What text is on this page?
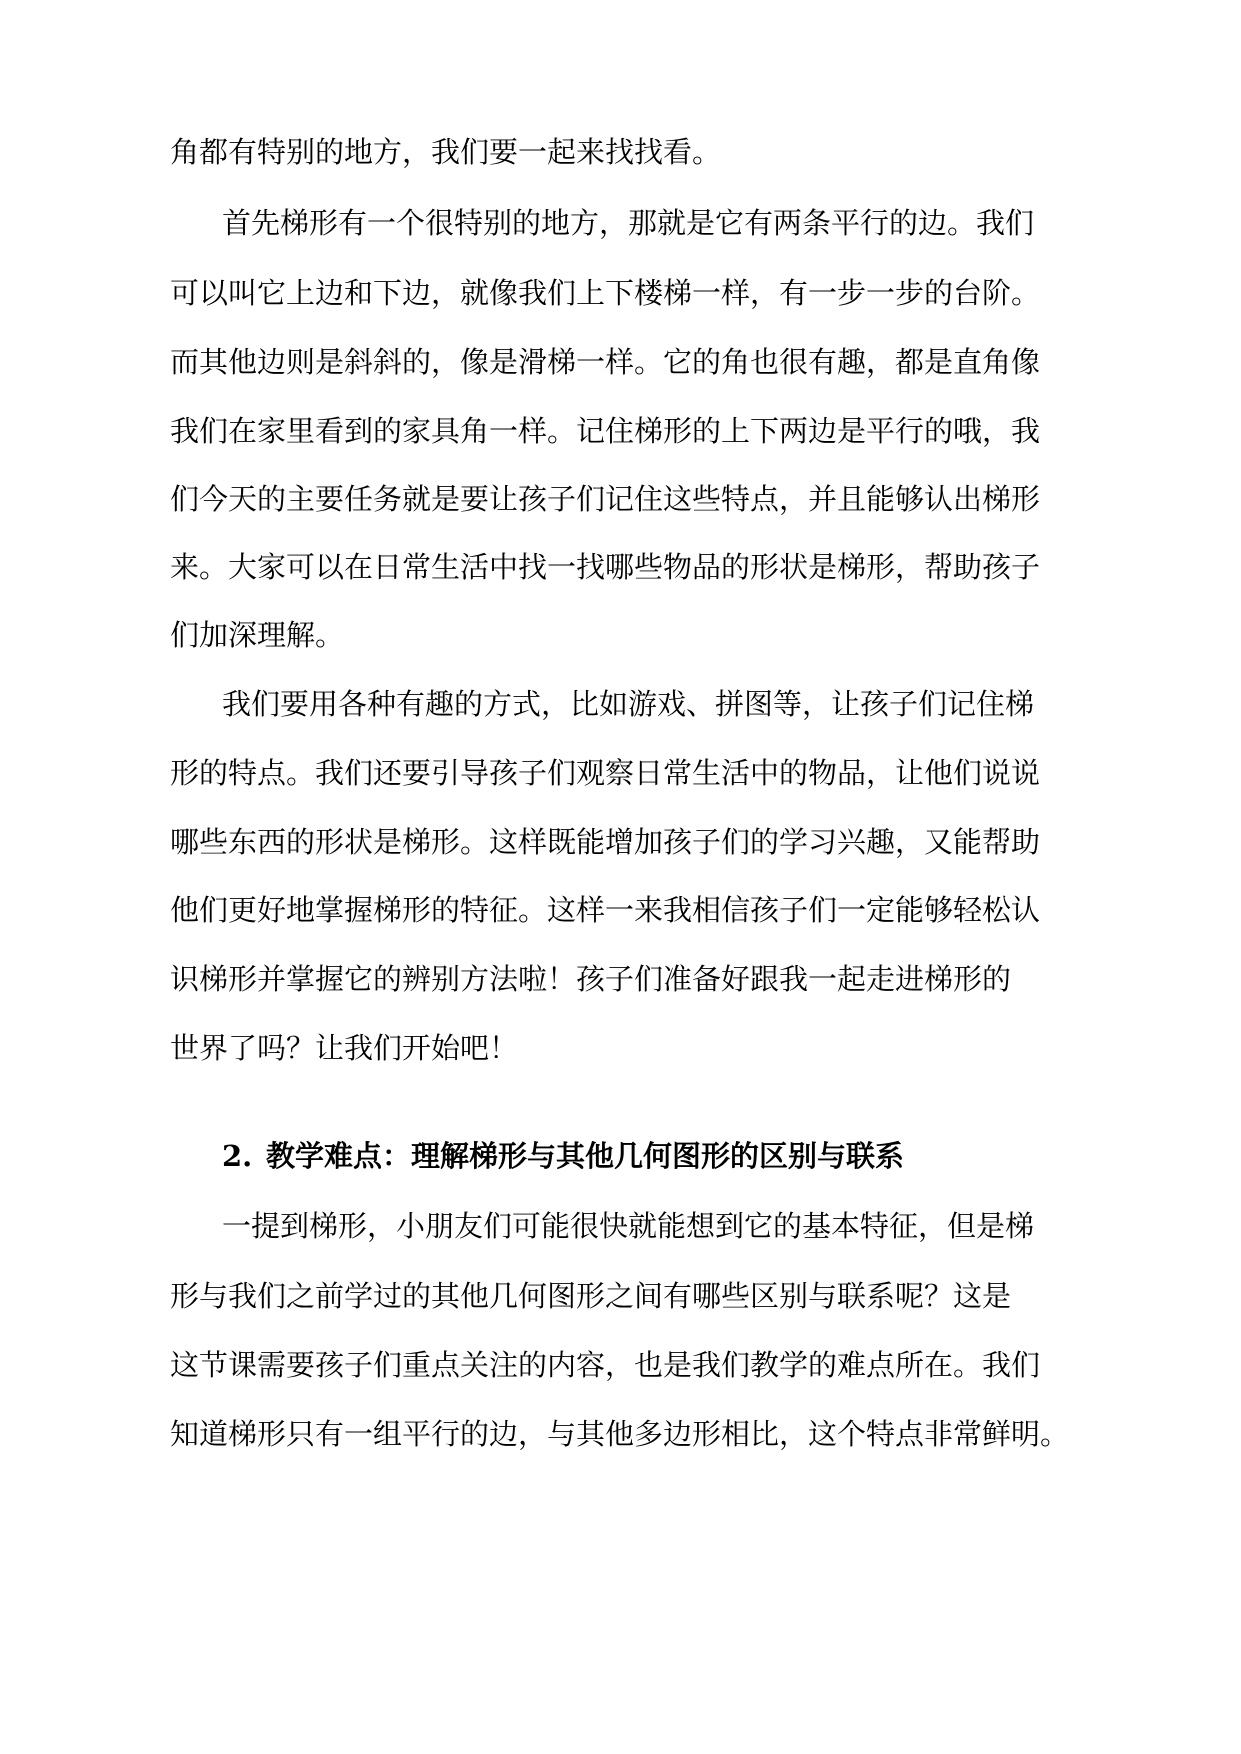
角都有特别的地方，我们要一起来找找看。
首先梯形有一个很特别的地方，那就是它有两条平行的边。我们
可以叫它上边和下边，就像我们上下楼梯一样，有一步一步的台阶。
而其他边则是斜斜的，像是滑梯一样。它的角也很有趣，都是直角像
我们在家里看到的家具角一样。记住梯形的上下两边是平行的哦，我
们今天的主要任务就是要让孩子们记住这些特点，并且能够认出梯形
来。大家可以在日常生活中找一找哪些物品的形状是梯形，帮助孩子
们加深理解。
我们要用各种有趣的方式，比如游戏、拼图等，让孩子们记住梯
形的特点。我们还要引导孩子们观察日常生活中的物品，让他们说说
哪些东西的形状是梯形。这样既能增加孩子们的学习兴趣，又能帮助
他们更好地掌握梯形的特征。这样一来我相信孩子们一定能够轻松认
识梯形并掌握它的辨别方法啦！孩子们准备好跟我一起走进梯形的
世界了吗？让我们开始吧！
2. 教学难点：理解梯形与其他几何图形的区别与联系
一提到梯形，小朋友们可能很快就能想到它的基本特征，但是梯
形与我们之前学过的其他几何图形之间有哪些区别与联系呢？这是
这节课需要孩子们重点关注的内容，也是我们教学的难点所在。我们
知道梯形只有一组平行的边，与其他多边形相比，这个特点非常鲜明。
